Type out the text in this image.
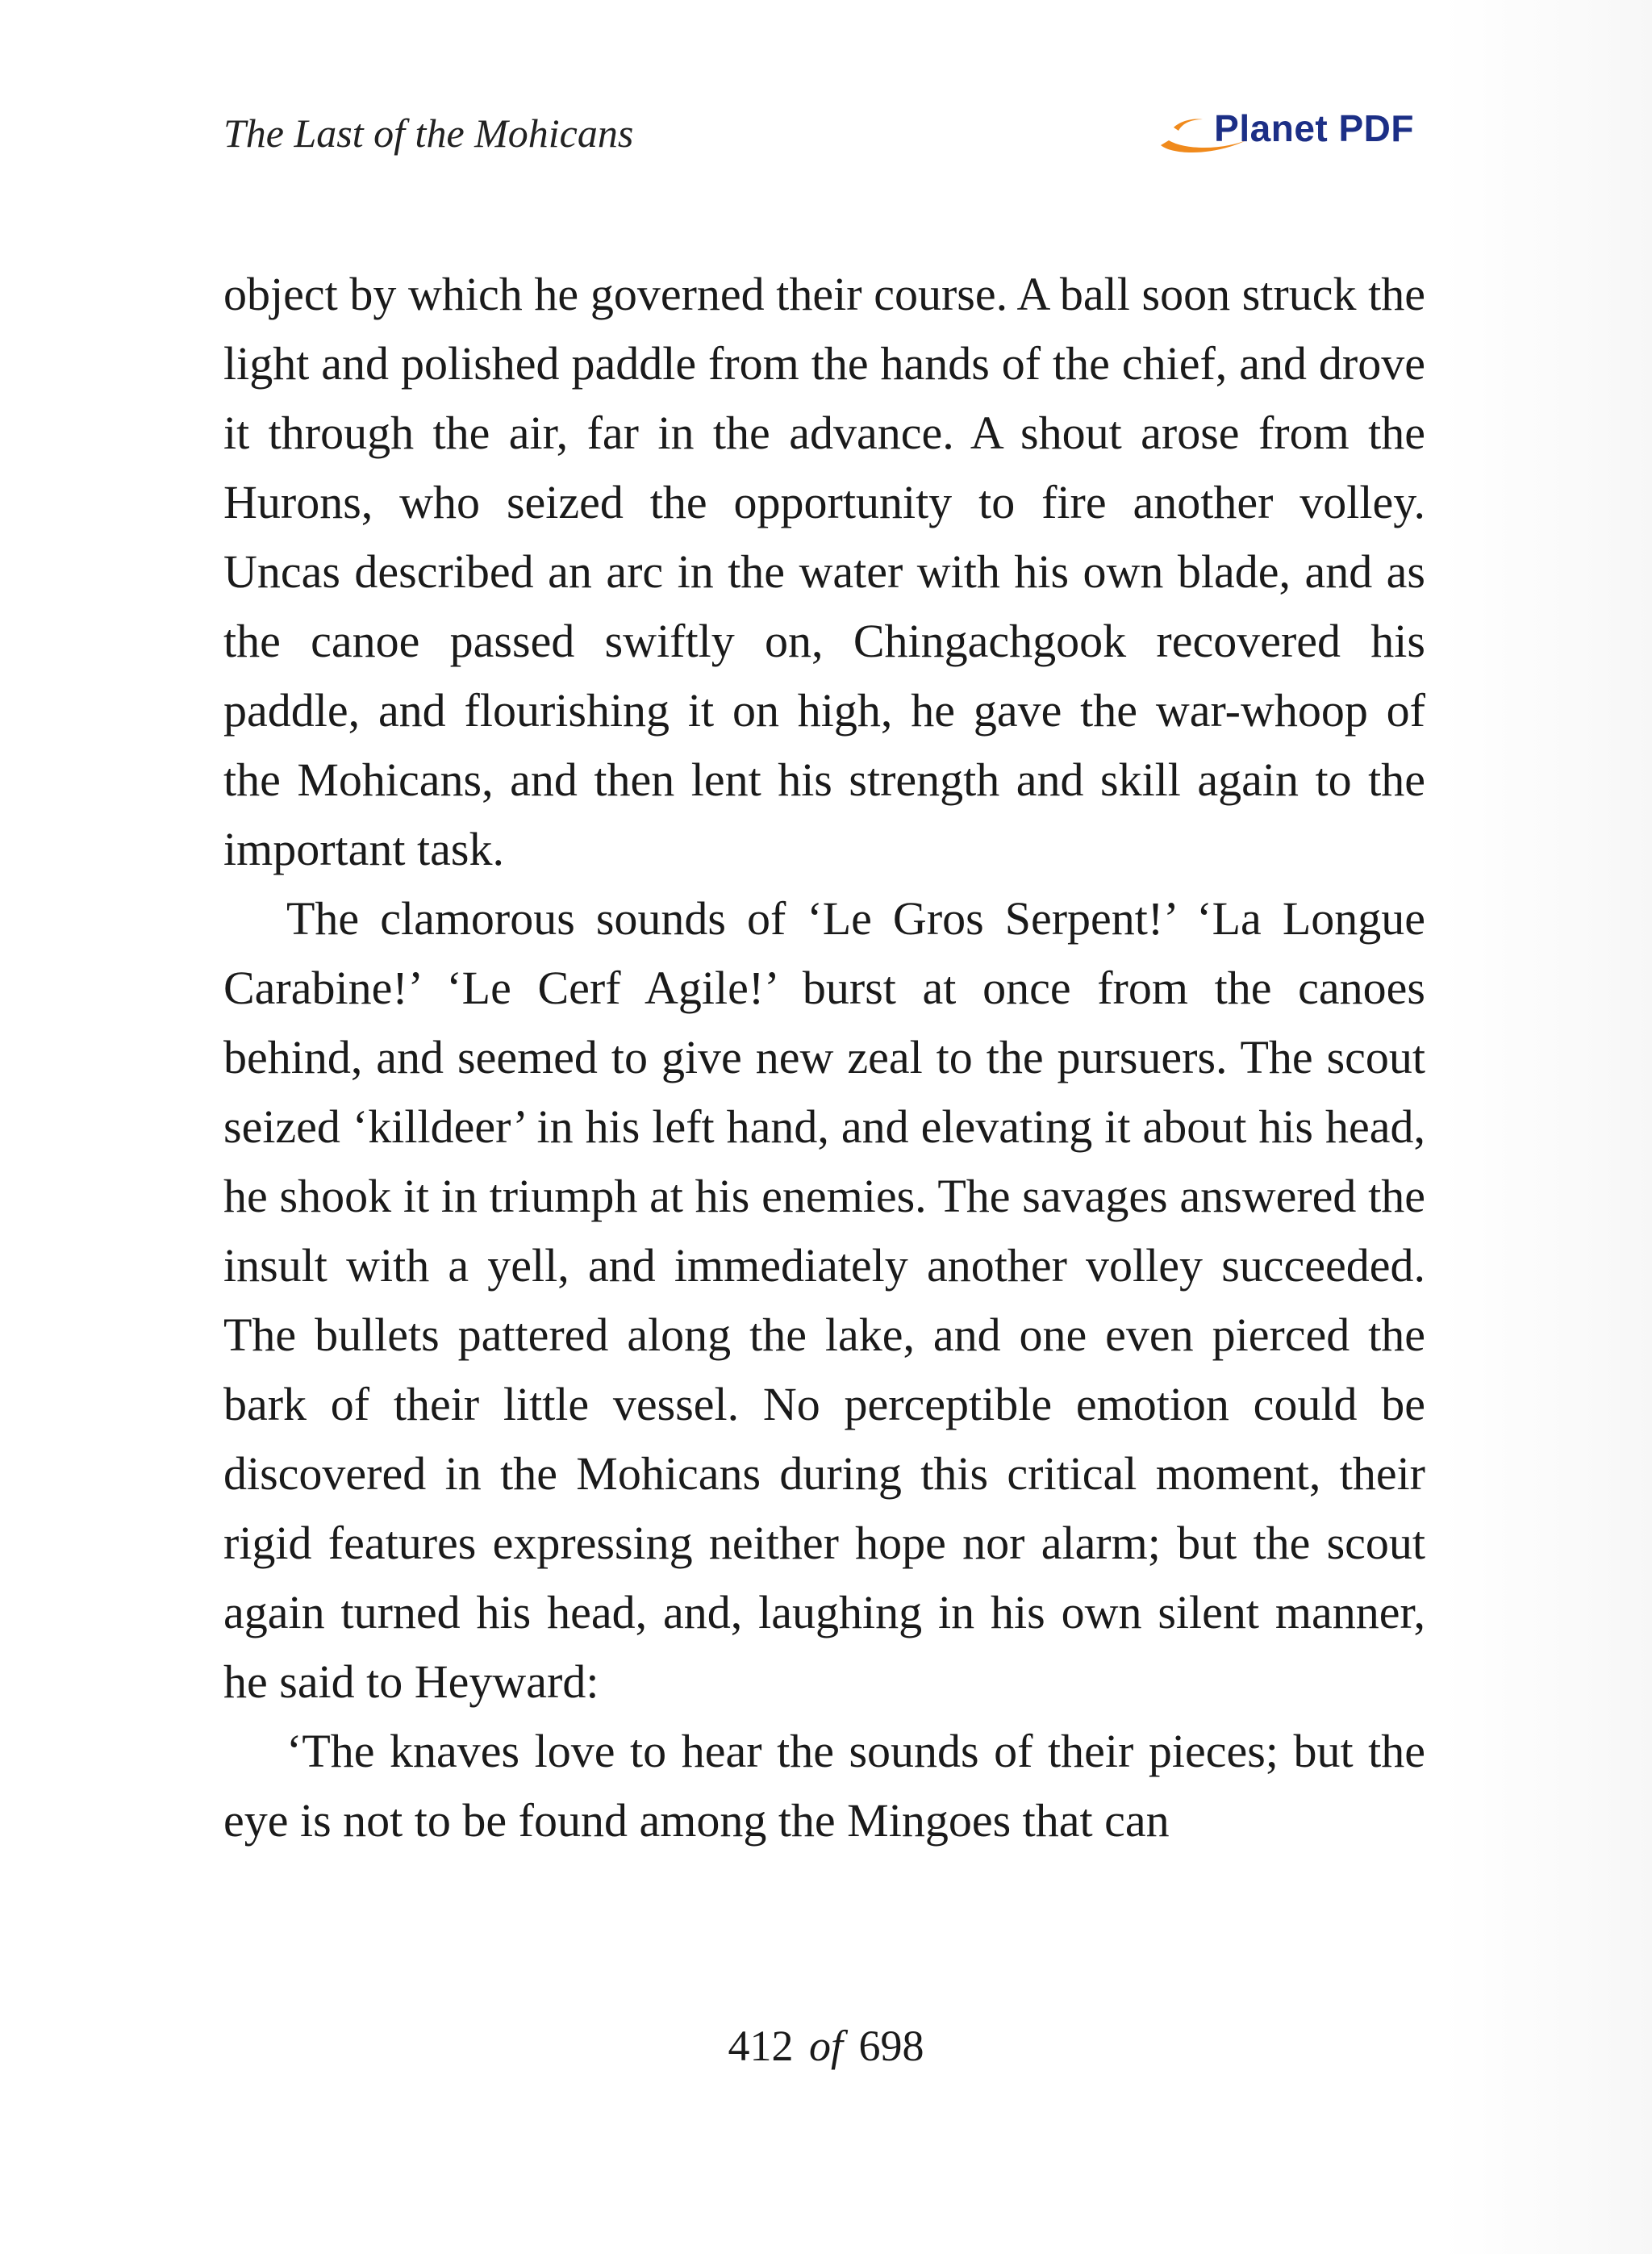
The Last of the Mohicans	Planet PDF

object by which he governed their course. A ball soon struck the light and polished paddle from the hands of the chief, and drove it through the air, far in the advance. A shout arose from the Hurons, who seized the opportunity to fire another volley. Uncas described an arc in the water with his own blade, and as the canoe passed swiftly on, Chingachgook recovered his paddle, and flourishing it on high, he gave the war-whoop of the Mohicans, and then lent his strength and skill again to the important task.

The clamorous sounds of ‘Le Gros Serpent!’ ‘La Longue Carabine!’ ‘Le Cerf Agile!’ burst at once from the canoes behind, and seemed to give new zeal to the pursuers. The scout seized ‘killdeer’ in his left hand, and elevating it about his head, he shook it in triumph at his enemies. The savages answered the insult with a yell, and immediately another volley succeeded. The bullets pattered along the lake, and one even pierced the bark of their little vessel. No perceptible emotion could be discovered in the Mohicans during this critical moment, their rigid features expressing neither hope nor alarm; but the scout again turned his head, and, laughing in his own silent manner, he said to Heyward:

‘The knaves love to hear the sounds of their pieces; but the eye is not to be found among the Mingoes that can

412 of 698
